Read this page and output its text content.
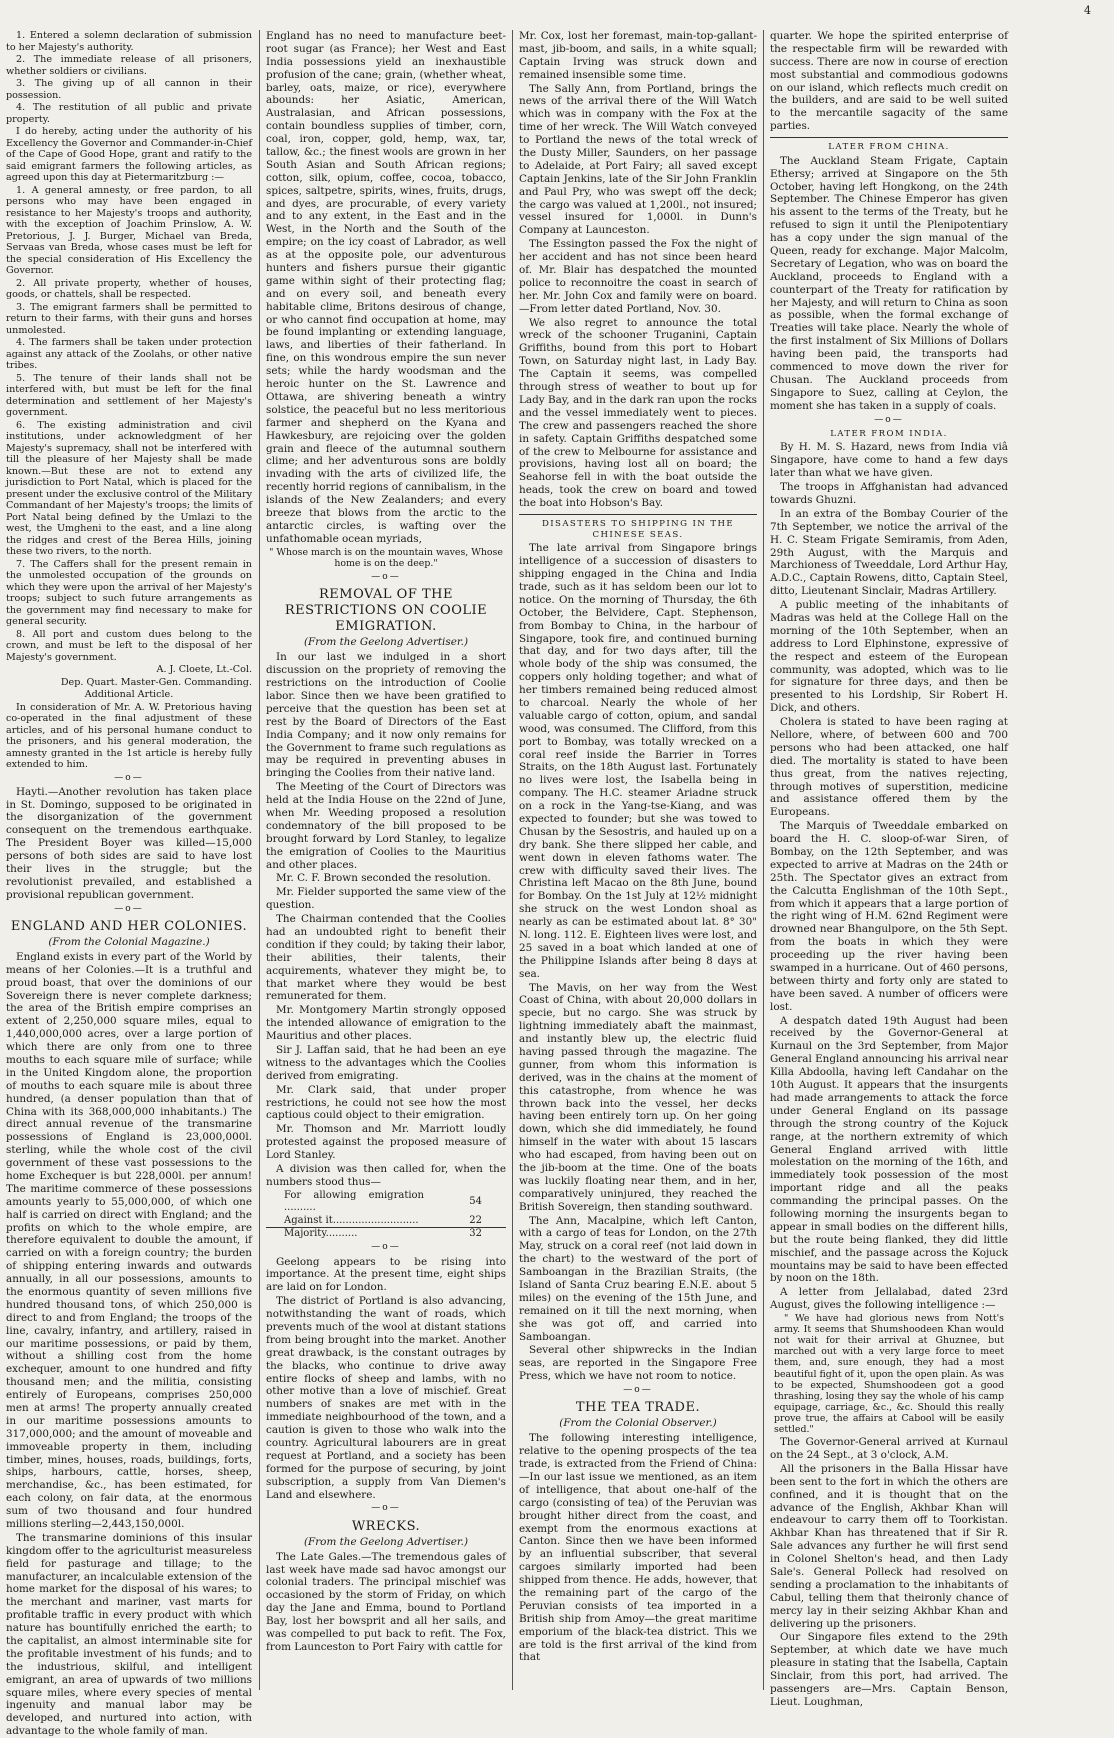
4

1. Entered a solemn declaration of submission to her Majesty's authority.

2. The immediate release of all prisoners, whether soldiers or civilians.

3. The giving up of all cannon in their possession.

4. The restitution of all public and private property.

I do hereby, acting under the authority of his Excellency the Governor and Commander-in-Chief of the Cape of Good Hope, grant and ratify to the said emigrant farmers the following articles, as agreed upon this day at Pietermaritzburg :—

1. A general amnesty, or free pardon, to all persons who may have been engaged in resistance to her Majesty's troops and authority, with the exception of Joachim Prinslow, A. W. Pretorious, J. J. Burger, Michael van Breda, Servaas van Breda, whose cases must be left for the special consideration of His Excellency the Governor.

2. All private property, whether of houses, goods, or chattels, shall be respected.

3. The emigrant farmers shall be permitted to return to their farms, with their guns and horses unmolested.

4. The farmers shall be taken under protection against any attack of the Zoolahs, or other native tribes.

5. The tenure of their lands shall not be interfered with, but must be left for the final determination and settlement of her Majesty's government.

6. The existing administration and civil institutions, under acknowledgment of her Majesty's supremacy, shall not be interfered with till the pleasure of her Majesty shall be made known.—But these are not to extend any jurisdiction to Port Natal, which is placed for the present under the exclusive control of the Military Commandant of her Majesty's troops; the limits of Port Natal being defined by the Umlazi to the west, the Umgheni to the east, and a line along the ridges and crest of the Berea Hills, joining these two rivers, to the north.

7. The Caffers shall for the present remain in the unmolested occupation of the grounds on which they were upon the arrival of her Majesty's troops; subject to such future arrangements as the government may find necessary to make for general security.

8. All port and custom dues belong to the crown, and must be left to the disposal of her Majesty's government.

A. J. Cloete, Lt.-Col.

Dep. Quart. Master-Gen. Commanding.

Additional Article.

In consideration of Mr. A. W. Pretorious having co-operated in the final adjustment of these articles, and of his personal humane conduct to the prisoners, and his general moderation, the amnesty granted in the 1st article is hereby fully extended to him.

—o—

Hayti.—Another revolution has taken place in St. Domingo, supposed to be originated in the disorganization of the government consequent on the tremendous earthquake. The President Boyer was killed—15,000 persons of both sides are said to have lost their lives in the struggle; but the revolutionist prevailed, and established a provisional republican government.

—o—
ENGLAND AND HER COLONIES.
(From the Colonial Magazine.)

England exists in every part of the World by means of her Colonies.—It is a truthful and proud boast, that over the dominions of our Sovereign there is never complete darkness; the area of the British empire comprises an extent of 2,250,000 square miles, equal to 1,440,000,000 acres, over a large portion of which there are only from one to three mouths to each square mile of surface; while in the United Kingdom alone, the proportion of mouths to each square mile is about three hundred, (a denser population than that of China with its 368,000,000 inhabitants.) The direct annual revenue of the transmarine possessions of England is 23,000,000l. sterling, while the whole cost of the civil government of these vast possessions to the home Exchequer is but 228,000l. per annum! The maritime commerce of these possessions amounts yearly to 55,000,000, of which one half is carried on direct with England; and the profits on which to the whole empire, are therefore equivalent to double the amount, if carried on with a foreign country; the burden of shipping entering inwards and outwards annually, in all our possessions, amounts to the enormous quantity of seven millions five hundred thousand tons, of which 250,000 is direct to and from England; the troops of the line, cavalry, infantry, and artillery, raised in our maritime possessions, or paid by them, without a shilling cost from the home exchequer, amount to one hundred and fifty thousand men; and the militia, consisting entirely of Europeans, comprises 250,000 men at arms! The property annually created in our maritime possessions amounts to 317,000,000; and the amount of moveable and immoveable property in them, including timber, mines, houses, roads, buildings, forts, ships, harbours, cattle, horses, sheep, merchandise, &c., has been estimated, for each colony, on fair data, at the enormous sum of two thousand and four hundred millions sterling—2,443,150,000l.

The transmarine dominions of this insular kingdom offer to the agriculturist measureless field for pasturage and tillage; to the manufacturer, an incalculable extension of the home market for the disposal of his wares; to the merchant and mariner, vast marts for profitable traffic in every product with which nature has bountifully enriched the earth; to the capitalist, an almost interminable site for the profitable investment of his funds; and to the industrious, skilful, and intelligent emigrant, an area of upwards of two millions square miles, where every species of mental ingenuity and manual labor may be developed, and nurtured into action, with advantage to the whole family of man.

England has no need to manufacture beet-root sugar (as France); her West and East India possessions yield an inexhaustible profusion of the cane; grain, (whether wheat, barley, oats, maize, or rice), everywhere abounds: her Asiatic, American, Australasian, and African possessions, contain boundless supplies of timber, corn, coal, iron, copper, gold, hemp, wax, tar, tallow, &c.; the finest wools are grown in her South Asian and South African regions; cotton, silk, opium, coffee, cocoa, tobacco, spices, saltpetre, spirits, wines, fruits, drugs, and dyes, are procurable, of every variety and to any extent, in the East and in the West, in the North and the South of the empire; on the icy coast of Labrador, as well as at the opposite pole, our adventurous hunters and fishers pursue their gigantic game within sight of their protecting flag; and on every soil, and beneath every habitable clime, Britons desirous of change, or who cannot find occupation at home, may be found implanting or extending language, laws, and liberties of their fatherland. In fine, on this wondrous empire the sun never sets; while the hardy woodsman and the heroic hunter on the St. Lawrence and Ottawa, are shivering beneath a wintry solstice, the peaceful but no less meritorious farmer and shepherd on the Kyana and Hawkesbury, are rejoicing over the golden grain and fleece of the autumnal southern clime; and her adventurous sons are boldly invading with the arts of civilized life, the recently horrid regions of cannibalism, in the islands of the New Zealanders; and every breeze that blows from the arctic to the antarctic circles, is wafting over the unfathomable ocean myriads,

" Whose march is on the mountain waves, Whose home is on the deep."

—o—
REMOVAL OF THE RESTRICTIONS ON COOLIE EMIGRATION.
(From the Geelong Advertiser.)

In our last we indulged in a short discussion on the propriety of removing the restrictions on the introduction of Coolie labor. Since then we have been gratified to perceive that the question has been set at rest by the Board of Directors of the East India Company; and it now only remains for the Government to frame such regulations as may be required in preventing abuses in bringing the Coolies from their native land.

The Meeting of the Court of Directors was held at the India House on the 22nd of June, when Mr. Weeding proposed a resolution condemnatory of the bill proposed to be brought forward by Lord Stanley, to legalize the emigration of Coolies to the Mauritius and other places.

Mr. C. F. Brown seconded the resolution.

Mr. Fielder supported the same view of the question.

The Chairman contended that the Coolies had an undoubted right to benefit their condition if they could; by taking their labor, their abilities, their talents, their acquirements, whatever they might be, to that market where they would be best remunerated for them.

Mr. Montgomery Martin strongly opposed the intended allowance of emigration to the Mauritius and other places.

Sir J. Laffan said, that he had been an eye witness to the advantages which the Coolies derived from emigrating.

Mr. Clark said, that under proper restrictions, he could not see how the most captious could object to their emigration.

Mr. Thomson and Mr. Marriott loudly protested against the proposed measure of Lord Stanley.

A division was then called for, when the numbers stood thus—

For allowing emigration ..........	54
Against it...........................	22
Majority..........	32
—o—

Geelong appears to be rising into importance. At the present time, eight ships are laid on for London.

The district of Portland is also advancing, notwithstanding the want of roads, which prevents much of the wool at distant stations from being brought into the market. Another great drawback, is the constant outrages by the blacks, who continue to drive away entire flocks of sheep and lambs, with no other motive than a love of mischief. Great numbers of snakes are met with in the immediate neighbourhood of the town, and a caution is given to those who walk into the country. Agricultural labourers are in great request at Portland, and a society has been formed for the purpose of securing, by joint subscription, a supply from Van Diemen's Land and elsewhere.

—o—
WRECKS.
(From the Geelong Advertiser.)

The Late Gales.—The tremendous gales of last week have made sad havoc amongst our colonial traders. The principal mischief was occasioned by the storm of Friday, on which day the Jane and Emma, bound to Portland Bay, lost her bowsprit and all her sails, and was compelled to put back to refit. The Fox, from Launceston to Port Fairy with cattle for

Mr. Cox, lost her foremast, main-top-gallant-mast, jib-boom, and sails, in a white squall; Captain Irving was struck down and remained insensible some time.

The Sally Ann, from Portland, brings the news of the arrival there of the Will Watch which was in company with the Fox at the time of her wreck. The Will Watch conveyed to Portland the news of the total wreck of the Dusty Miller, Saunders, on her passage to Adelaide, at Port Fairy; all saved except Captain Jenkins, late of the Sir John Franklin and Paul Pry, who was swept off the deck; the cargo was valued at 1,200l., not insured; vessel insured for 1,000l. in Dunn's Company at Launceston.

The Essington passed the Fox the night of her accident and has not since been heard of. Mr. Blair has despatched the mounted police to reconnoitre the coast in search of her. Mr. John Cox and family were on board.—From letter dated Portland, Nov. 30.

We also regret to announce the total wreck of the schooner Truganini, Captain Griffiths, bound from this port to Hobart Town, on Saturday night last, in Lady Bay. The Captain it seems, was compelled through stress of weather to bout up for Lady Bay, and in the dark ran upon the rocks and the vessel immediately went to pieces. The crew and passengers reached the shore in safety. Captain Griffiths despatched some of the crew to Melbourne for assistance and provisions, having lost all on board; the Seahorse fell in with the boat outside the heads, took the crew on board and towed the boat into Hobson's Bay.

DISASTERS TO SHIPPING IN THE CHINESE SEAS.

The late arrival from Singapore brings intelligence of a succession of disasters to shipping engaged in the China and India trade, such as it has seldom been our lot to notice. On the morning of Thursday, the 6th October, the Belvidere, Capt. Stephenson, from Bombay to China, in the harbour of Singapore, took fire, and continued burning that day, and for two days after, till the whole body of the ship was consumed, the coppers only holding together; and what of her timbers remained being reduced almost to charcoal. Nearly the whole of her valuable cargo of cotton, opium, and sandal wood, was consumed. The Clifford, from this port to Bombay, was totally wrecked on a coral reef inside the Barrier in Torres Straits, on the 18th August last. Fortunately no lives were lost, the Isabella being in company. The H.C. steamer Ariadne struck on a rock in the Yang-tse-Kiang, and was expected to founder; but she was towed to Chusan by the Sesostris, and hauled up on a dry bank. She there slipped her cable, and went down in eleven fathoms water. The crew with difficulty saved their lives. The Christina left Macao on the 8th June, bound for Bombay. On the 1st July at 12½ midnight she struck on the west London shoal as nearly as can be estimated about lat. 8° 30" N. long. 112. E. Eighteen lives were lost, and 25 saved in a boat which landed at one of the Philippine Islands after being 8 days at sea.

The Mavis, on her way from the West Coast of China, with about 20,000 dollars in specie, but no cargo. She was struck by lightning immediately abaft the mainmast, and instantly blew up, the electric fluid having passed through the magazine. The gunner, from whom this information is derived, was in the chains at the moment of this catastrophe, from whence he was thrown back into the vessel, her decks having been entirely torn up. On her going down, which she did immediately, he found himself in the water with about 15 lascars who had escaped, from having been out on the jib-boom at the time. One of the boats was luckily floating near them, and in her, comparatively uninjured, they reached the British Sovereign, then standing southward.

The Ann, Macalpine, which left Canton, with a cargo of teas for London, on the 27th May, struck on a coral reef (not laid down in the chart) to the westward of the port of Samboangan in the Brazilian Straits, (the Island of Santa Cruz bearing E.N.E. about 5 miles) on the evening of the 15th June, and remained on it till the next morning, when she was got off, and carried into Samboangan.

Several other shipwrecks in the Indian seas, are reported in the Singapore Free Press, which we have not room to notice.

—o—
THE TEA TRADE.
(From the Colonial Observer.)

The following interesting intelligence, relative to the opening prospects of the tea trade, is extracted from the Friend of China:—In our last issue we mentioned, as an item of intelligence, that about one-half of the cargo (consisting of tea) of the Peruvian was brought hither direct from the coast, and exempt from the enormous exactions at Canton. Since then we have been informed by an influential subscriber, that several cargoes similarly imported had been shipped from thence. He adds, however, that the remaining part of the cargo of the Peruvian consists of tea imported in a British ship from Amoy—the great maritime emporium of the black-tea district. This we are told is the first arrival of the kind from that

quarter. We hope the spirited enterprise of the respectable firm will be rewarded with success. There are now in course of erection most substantial and commodious godowns on our island, which reflects much credit on the builders, and are said to be well suited to the mercantile sagacity of the same parties.

LATER FROM CHINA.

The Auckland Steam Frigate, Captain Ethersy; arrived at Singapore on the 5th October, having left Hongkong, on the 24th September. The Chinese Emperor has given his assent to the terms of the Treaty, but he refused to sign it until the Plenipotentiary has a copy under the sign manual of the Queen, ready for exchange. Major Malcolm, Secretary of Legation, who was on board the Auckland, proceeds to England with a counterpart of the Treaty for ratification by her Majesty, and will return to China as soon as possible, when the formal exchange of Treaties will take place. Nearly the whole of the first instalment of Six Millions of Dollars having been paid, the transports had commenced to move down the river for Chusan. The Auckland proceeds from Singapore to Suez, calling at Ceylon, the moment she has taken in a supply of coals.

—o—
LATER FROM INDIA.

By H. M. S. Hazard, news from India viâ Singapore, have come to hand a few days later than what we have given.

The troops in Affghanistan had advanced towards Ghuzni.

In an extra of the Bombay Courier of the 7th September, we notice the arrival of the H. C. Steam Frigate Semiramis, from Aden, 29th August, with the Marquis and Marchioness of Tweeddale, Lord Arthur Hay, A.D.C., Captain Rowens, ditto, Captain Steel, ditto, Lieutenant Sinclair, Madras Artillery.

A public meeting of the inhabitants of Madras was held at the College Hall on the morning of the 10th September, when an address to Lord Elphinstone, expressive of the respect and esteem of the European community, was adopted, which was to lie for signature for three days, and then be presented to his Lordship, Sir Robert H. Dick, and others.

Cholera is stated to have been raging at Nellore, where, of between 600 and 700 persons who had been attacked, one half died. The mortality is stated to have been thus great, from the natives rejecting, through motives of superstition, medicine and assistance offered them by the Europeans.

The Marquis of Tweeddale embarked on board the H. C. sloop-of-war Siren, of Bombay, on the 12th September, and was expected to arrive at Madras on the 24th or 25th. The Spectator gives an extract from the Calcutta Englishman of the 10th Sept., from which it appears that a large portion of the right wing of H.M. 62nd Regiment were drowned near Bhangulpore, on the 5th Sept. from the boats in which they were proceeding up the river having been swamped in a hurricane. Out of 460 persons, between thirty and forty only are stated to have been saved. A number of officers were lost.

A despatch dated 19th August had been received by the Governor-General at Kurnaul on the 3rd September, from Major General England announcing his arrival near Killa Abdoolla, having left Candahar on the 10th August. It appears that the insurgents had made arrangements to attack the force under General England on its passage through the strong country of the Kojuck range, at the northern extremity of which General England arrived with little molestation on the morning of the 16th, and immediately took possession of the most important ridge and all the peaks commanding the principal passes. On the following morning the insurgents began to appear in small bodies on the different hills, but the route being flanked, they did little mischief, and the passage across the Kojuck mountains may be said to have been effected by noon on the 18th.

A letter from Jellalabad, dated 23rd August, gives the following intelligence :—

" We have had glorious news from Nott's army. It seems that Shumshoodeen Khan would not wait for their arrival at Ghuznee, but marched out with a very large force to meet them, and, sure enough, they had a most beautiful fight of it, upon the open plain. As was to be expected, Shumshoodeen got a good thrashing, losing they say the whole of his camp equipage, carriage, &c., &c. Should this really prove true, the affairs at Cabool will be easily settled."

The Governor-General arrived at Kurnaul on the 24 Sept., at 3 o'clock, A.M.

All the prisoners in the Balla Hissar have been sent to the fort in which the others are confined, and it is thought that on the advance of the English, Akhbar Khan will endeavour to carry them off to Toorkistan. Akhbar Khan has threatened that if Sir R. Sale advances any further he will first send in Colonel Shelton's head, and then Lady Sale's. General Polleck had resolved on sending a proclamation to the inhabitants of Cabul, telling them that theironly chance of mercy lay in their seizing Akhbar Khan and delivering up the prisoners.

Our Singapore files extend to the 29th September, at which date we have much pleasure in stating that the Isabella, Captain Sinclair, from this port, had arrived. The passengers are—Mrs. Captain Benson, Lieut. Loughman,
